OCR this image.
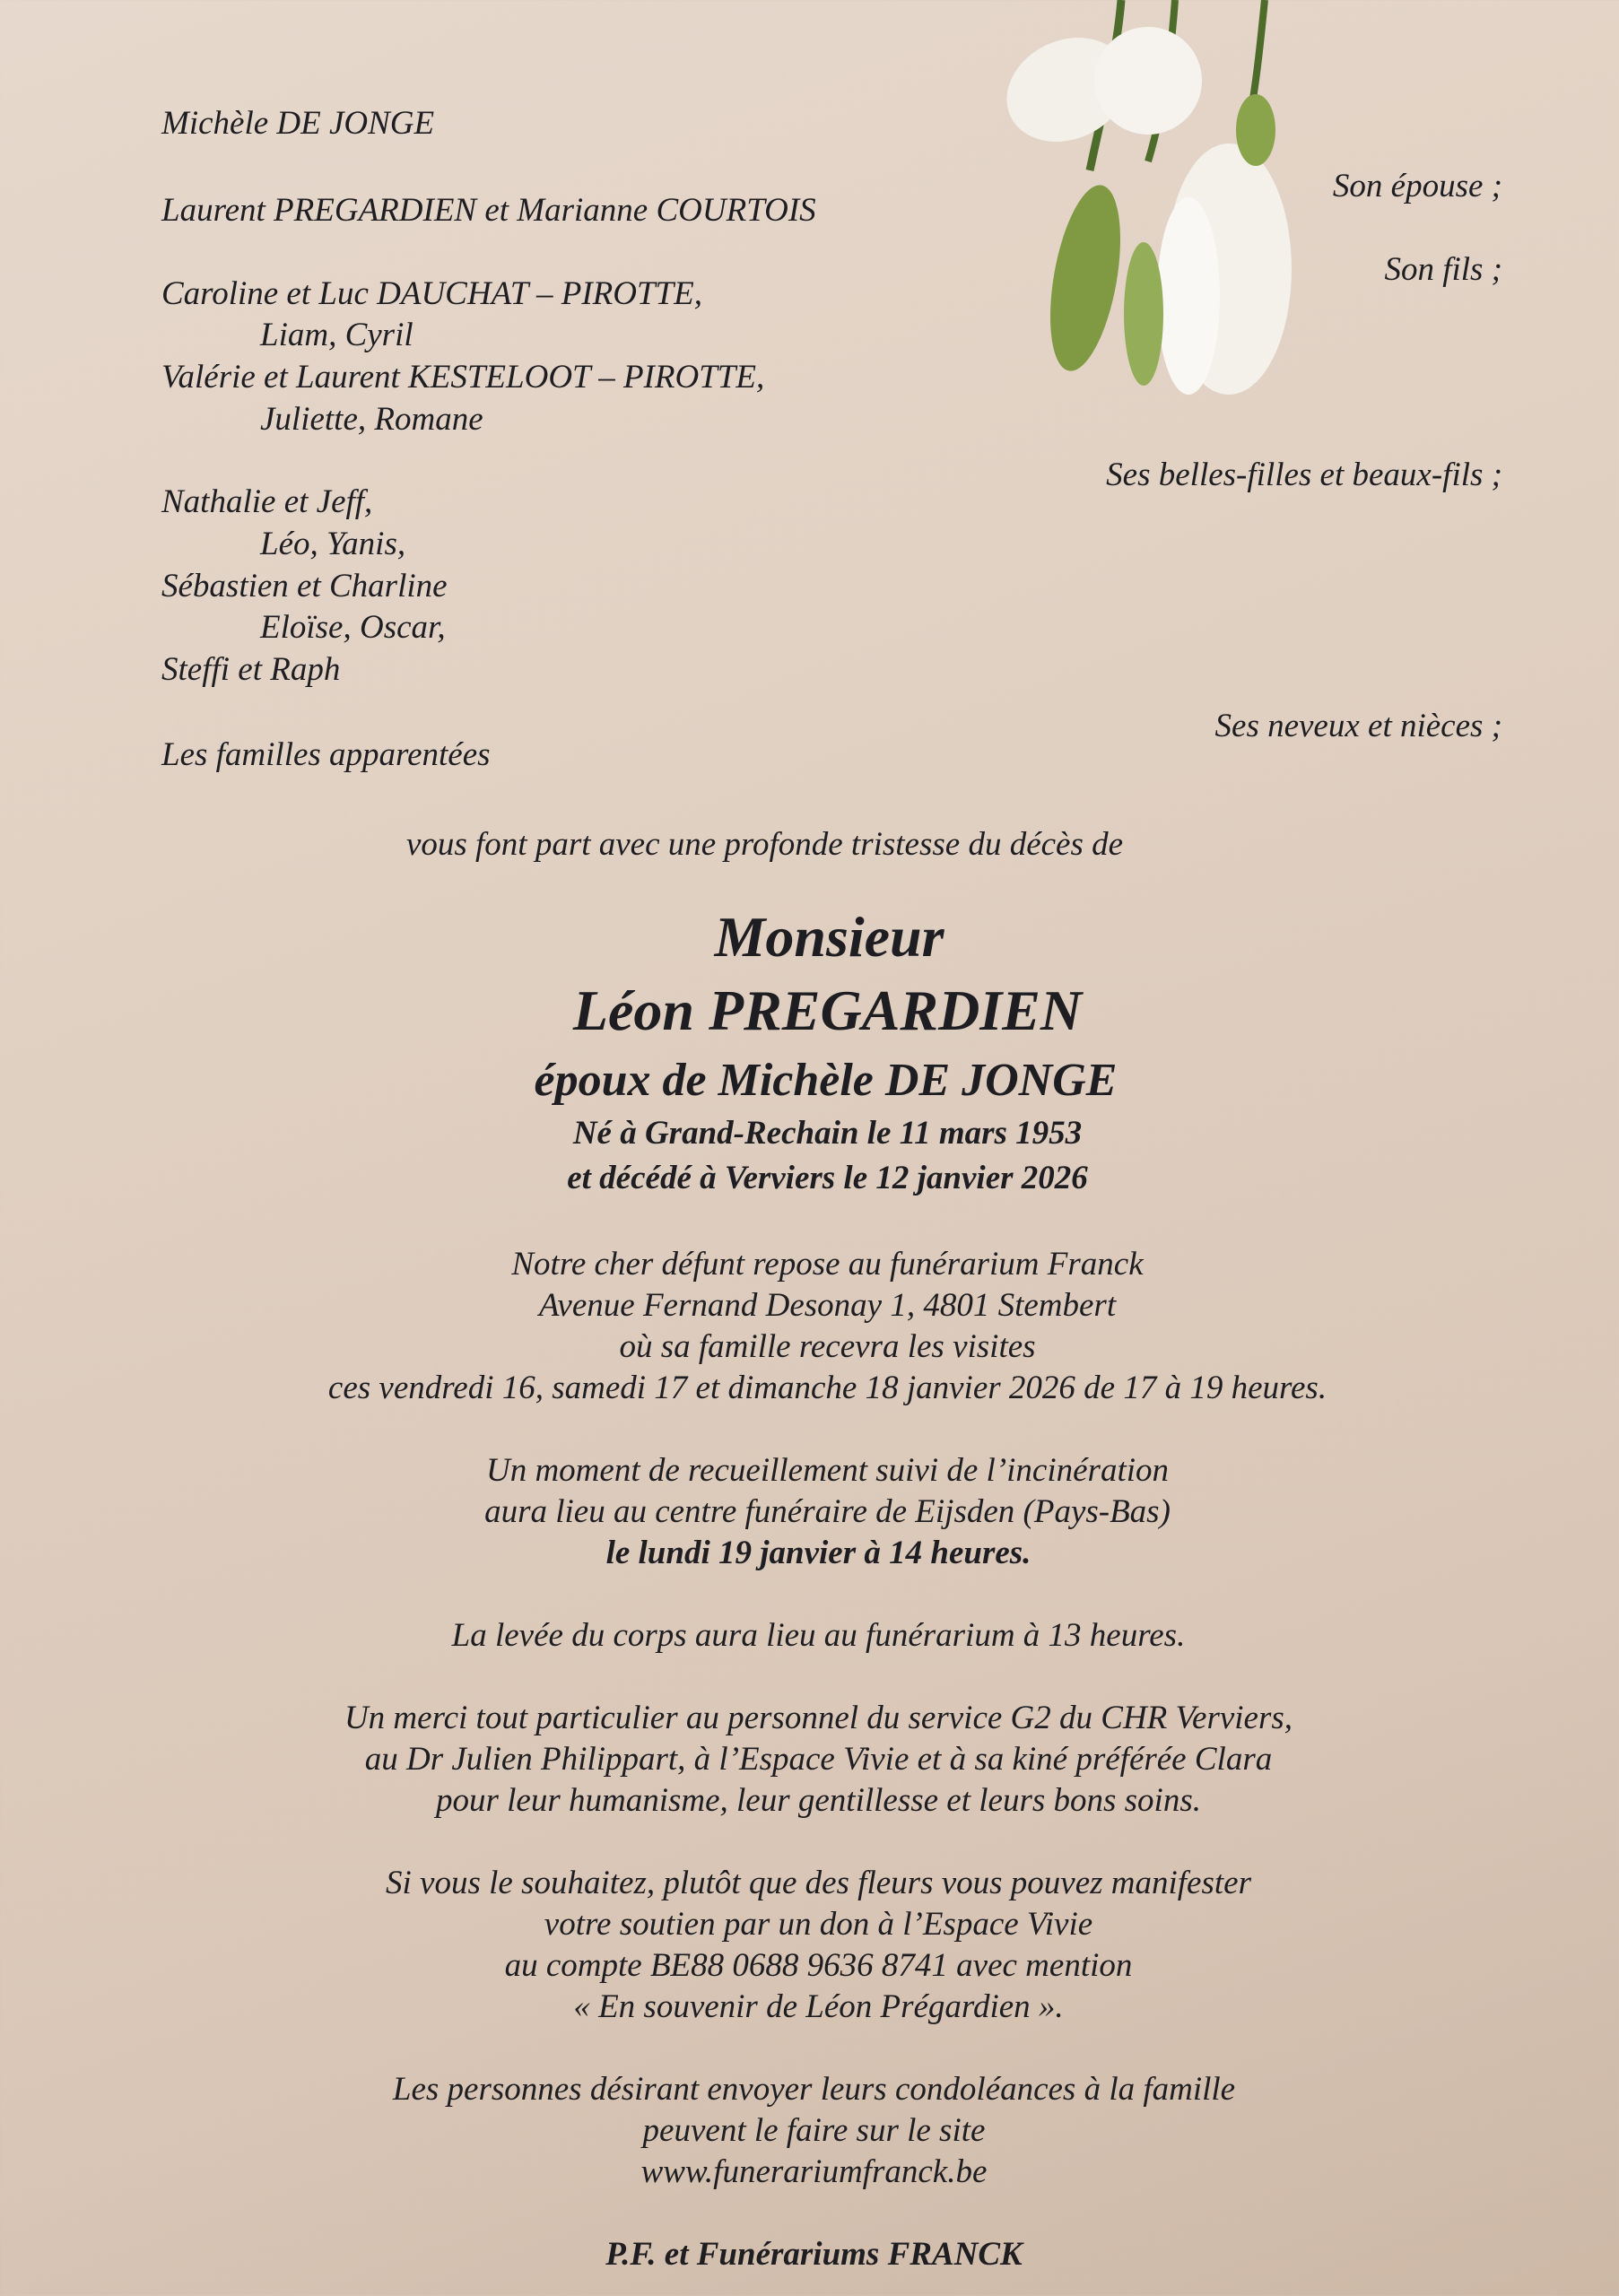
Michèle DE JONGE
Laurent PREGARDIEN et Marianne COURTOIS
Caroline et Luc DAUCHAT – PIROTTE,
Liam, Cyril
Valérie et Laurent KESTELOOT – PIROTTE,
Juliette, Romane
Nathalie et Jeff,
Léo, Yanis,
Sébastien et Charline
Eloïse, Oscar,
Steffi et Raph
Les familles apparentées
Son épouse ;
Son fils ;
Ses belles-filles et beaux-fils ;
Ses neveux et nièces ;
vous font part avec une profonde tristesse du décès de
Monsieur
Léon PREGARDIEN
époux de Michèle DE JONGE
Né à Grand-Rechain le 11 mars 1953
et décédé à Verviers le 12 janvier 2026
Notre cher défunt repose au funérarium Franck
Avenue Fernand Desonay 1, 4801 Stembert
où sa famille recevra les visites
ces vendredi 16, samedi 17 et dimanche 18 janvier 2026 de 17 à 19 heures.
Un moment de recueillement suivi de l’incinération
aura lieu au centre funéraire de Eijsden (Pays-Bas)
le lundi 19 janvier à 14 heures.
La levée du corps aura lieu au funérarium à 13 heures.
Un merci tout particulier au personnel du service G2 du CHR Verviers,
au Dr Julien Philippart, à l’Espace Vivie et à sa kiné préférée Clara
pour leur humanisme, leur gentillesse et leurs bons soins.
Si vous le souhaitez, plutôt que des fleurs vous pouvez manifester
votre soutien par un don à l’Espace Vivie
au compte BE88 0688 9636 8741 avec mention
« En souvenir de Léon Prégardien ».
Les personnes désirant envoyer leurs condoléances à la famille
peuvent le faire sur le site
www.funerariumfranck.be
P.F. et Funérariums FRANCK
